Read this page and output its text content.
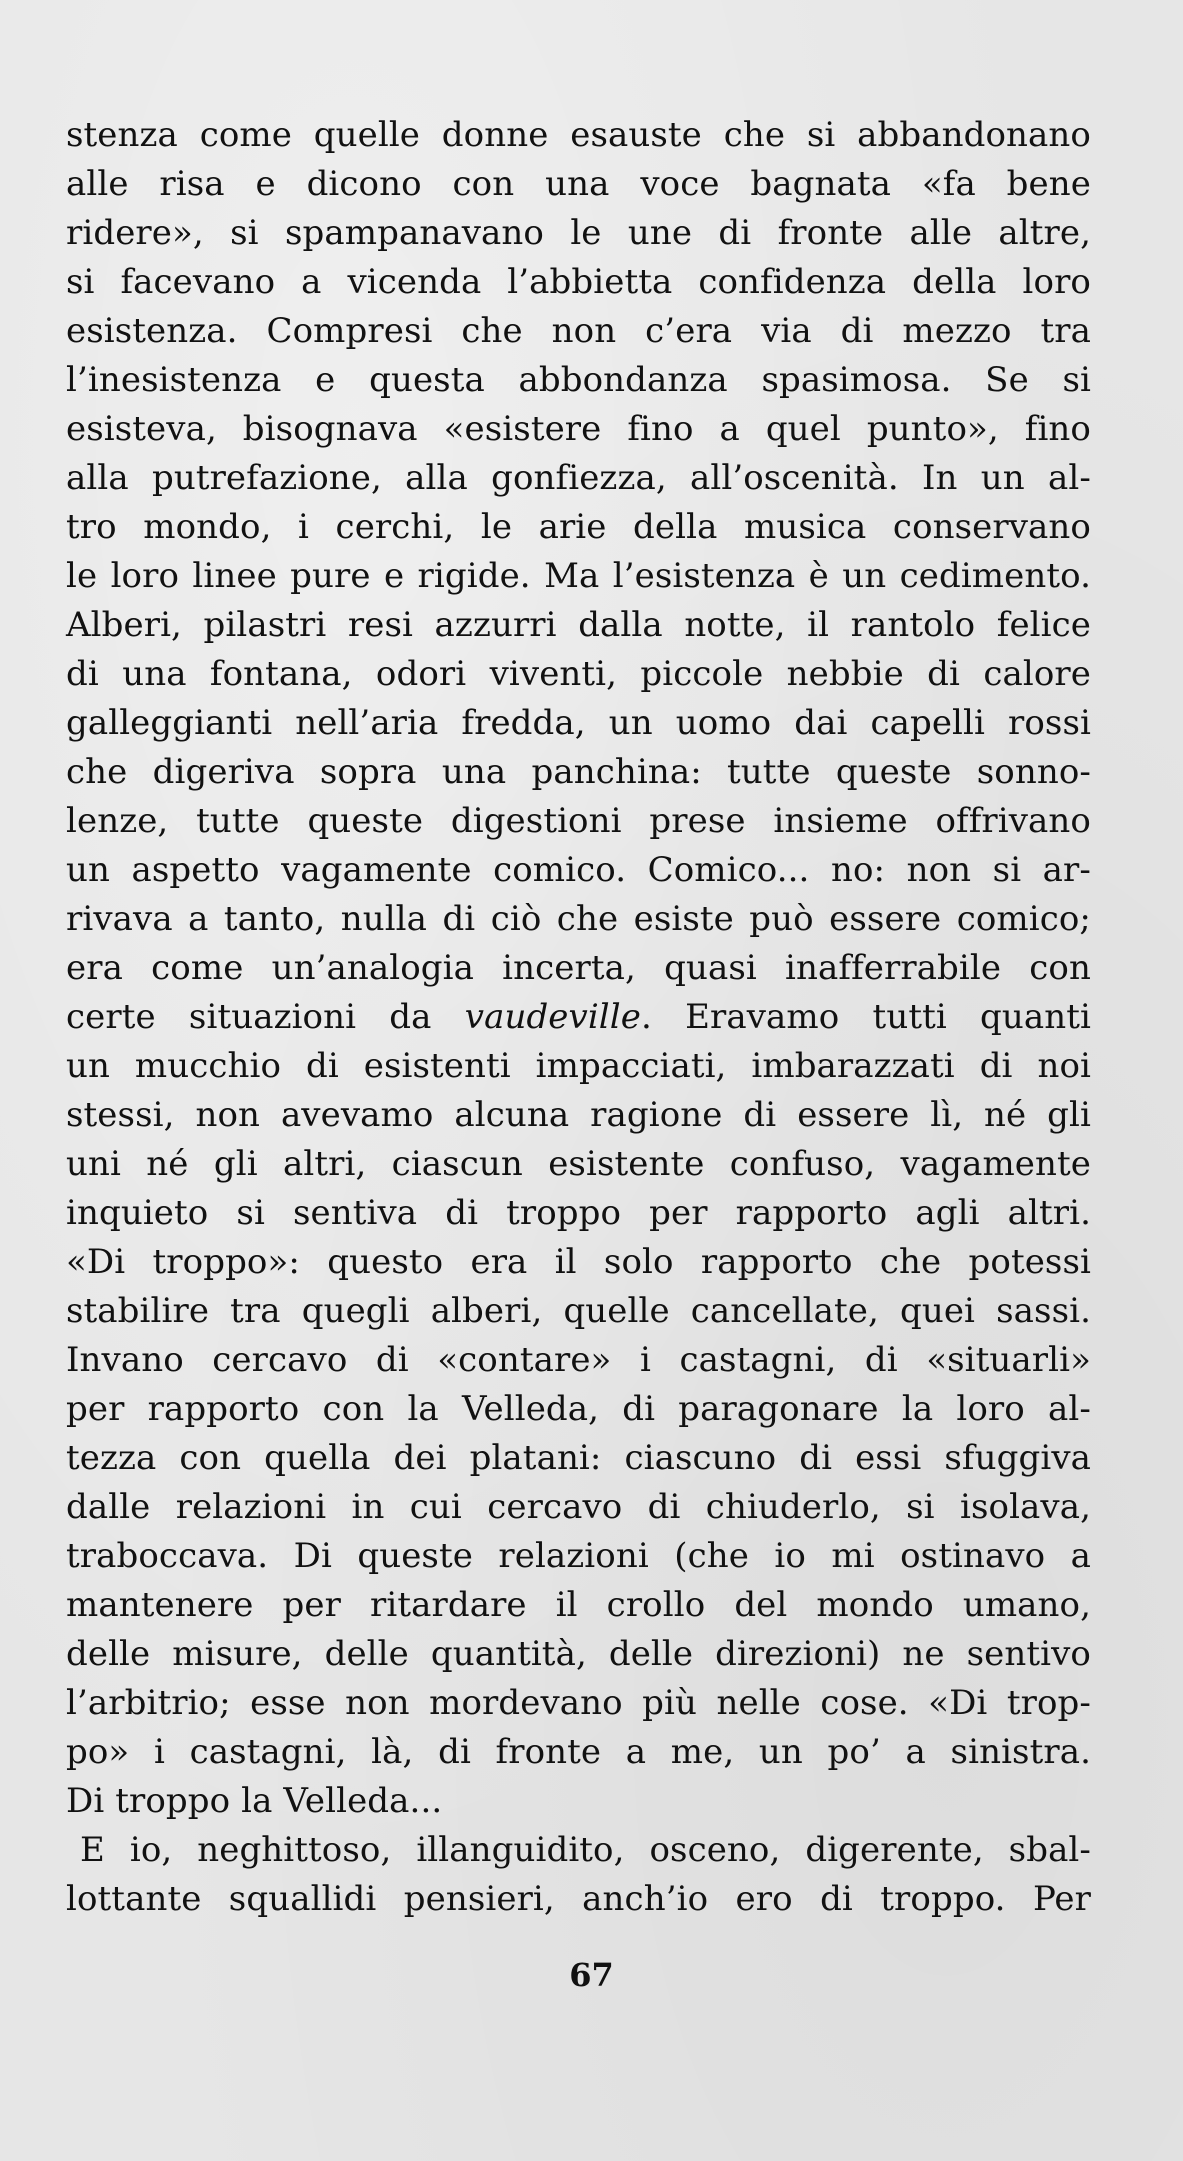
stenza come quelle donne esauste che si abbandonano
alle risa e dicono con una voce bagnata «fa bene
ridere», si spampanavano le une di fronte alle altre,
si facevano a vicenda l’abbietta confidenza della loro
esistenza. Compresi che non c’era via di mezzo tra
l’inesistenza e questa abbondanza spasimosa. Se si
esisteva, bisognava «esistere fino a quel punto», fino
alla putrefazione, alla gonfiezza, all’oscenità. In un al-
tro mondo, i cerchi, le arie della musica conservano
le loro linee pure e rigide. Ma l’esistenza è un cedimento.
Alberi, pilastri resi azzurri dalla notte, il rantolo felice
di una fontana, odori viventi, piccole nebbie di calore
galleggianti nell’aria fredda, un uomo dai capelli rossi
che digeriva sopra una panchina: tutte queste sonno-
lenze, tutte queste digestioni prese insieme offrivano
un aspetto vagamente comico. Comico... no: non si ar-
rivava a tanto, nulla di ciò che esiste può essere comico;
era come un’analogia incerta, quasi inafferrabile con
certe situazioni da vaudeville. Eravamo tutti quanti
un mucchio di esistenti impacciati, imbarazzati di noi
stessi, non avevamo alcuna ragione di essere lì, né gli
uni né gli altri, ciascun esistente confuso, vagamente
inquieto si sentiva di troppo per rapporto agli altri.
«Di troppo»: questo era il solo rapporto che potessi
stabilire tra quegli alberi, quelle cancellate, quei sassi.
Invano cercavo di «contare» i castagni, di «situarli»
per rapporto con la Velleda, di paragonare la loro al-
tezza con quella dei platani: ciascuno di essi sfuggiva
dalle relazioni in cui cercavo di chiuderlo, si isolava,
traboccava. Di queste relazioni (che io mi ostinavo a
mantenere per ritardare il crollo del mondo umano,
delle misure, delle quantità, delle direzioni) ne sentivo
l’arbitrio; esse non mordevano più nelle cose. «Di trop-
po» i castagni, là, di fronte a me, un po’ a sinistra.
Di troppo la Velleda...
E io, neghittoso, illanguidito, osceno, digerente, sbal-
lottante squallidi pensieri, anch’io ero di troppo. Per
67
